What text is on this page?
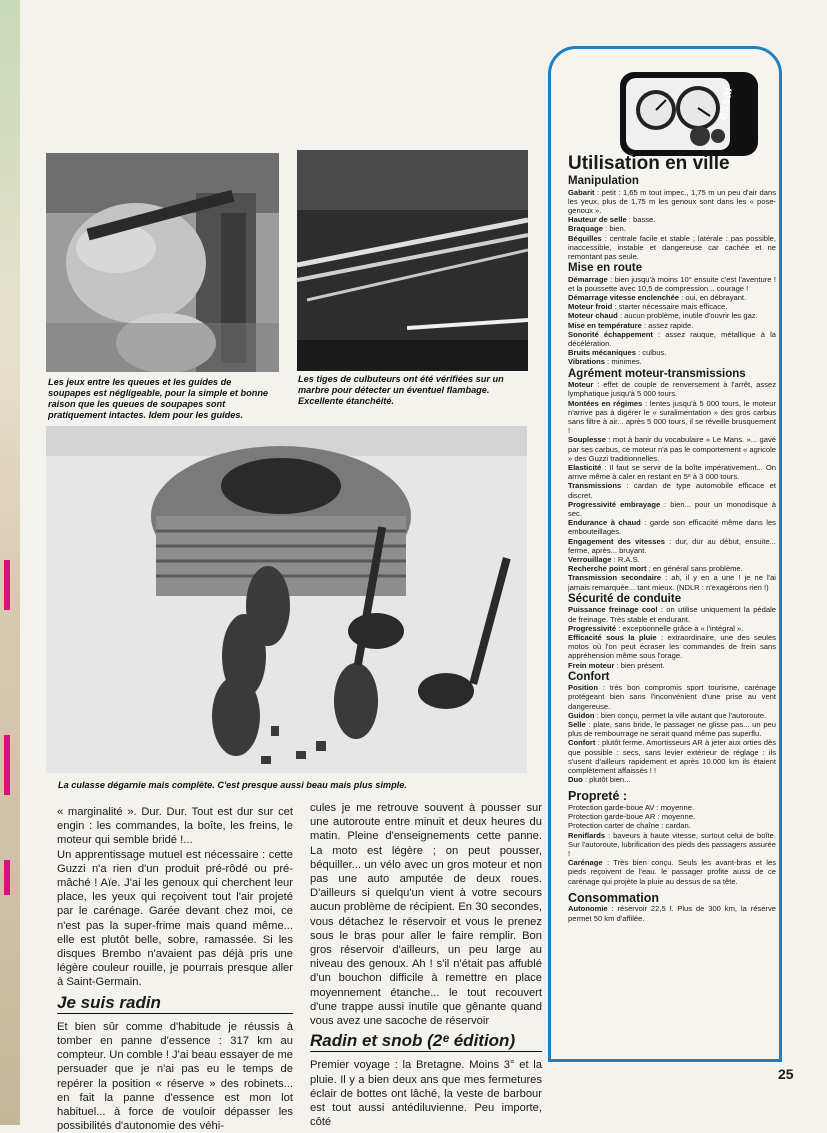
Les jeux entre les queues et les guides de soupapes est négligeable, pour la simple et bonne raison que les queues de soupapes sont pratiquement intactes. Idem pour les guides.
Les tiges de culbuteurs ont été vérifiées sur un marbre pour détecter un éventuel flambage. Excellente étanchéité.
La culasse dégarnie mais complète. C'est presque aussi beau mais plus simple.

« marginalité ». Dur. Dur. Tout est dur sur cet engin : les commandes, la boîte, les freins, le moteur qui semble bridé !...

Un apprentissage mutuel est nécessaire : cette Guzzi n'a rien d'un produit pré-rôdé ou pré-mâché ! Aïe. J'ai les genoux qui cherchent leur place, les yeux qui reçoivent tout l'air projeté par le carénage. Garée devant chez moi, ce n'est pas la super-frime mais quand même... elle est plutôt belle, sobre, ramassée. Si les disques Brembo n'avaient pas déjà pris une légère couleur rouille, je pourrais presque aller à Saint-Germain.

Je suis radin

Et bien sûr comme d'habitude je réussis à tomber en panne d'essence : 317 km au compteur. Un comble ! J'ai beau essayer de me persuader que je n'ai pas eu le temps de repérer la position « réserve » des robinets... en fait la panne d'essence est mon lot habituel... à force de vouloir dépasser les possibilités d'autonomie des véhi-

cules je me retrouve souvent à pousser sur une autoroute entre minuit et deux heures du matin. Pleine d'enseignements cette panne. La moto est légère ; on peut pousser, béquiller... un vélo avec un gros moteur et non pas une auto amputée de deux roues. D'ailleurs si quelqu'un vient à votre secours aucun problème de récipient. En 30 secondes, vous détachez le réservoir et vous le prenez sous le bras pour aller le faire remplir. Bon gros réservoir d'ailleurs, un peu large au niveau des genoux. Ah ! s'il n'était pas affublé d'un bouchon difficile à remettre en place moyennement étanche... le tout recouvert d'une trappe aussi inutile que gênante quand vous avez une sacoche de réservoir

Radin et snob (2ᵉ édition)

Premier voyage : la Bretagne. Moins 3° et la pluie. Il y a bien deux ans que mes fermetures éclair de bottes ont lâché, la veste de barbour est tout aussi antédiluvienne. Peu importe, côté

essai
Utilisation en ville
Manipulation

Gabarit : petit : 1,65 m tout impec., 1,75 m un peu d'air dans les yeux, plus de 1,75 m les genoux sont dans les « pose-genoux ».

Hauteur de selle : basse.

Braquage : bien.

Béquilles : centrale facile et stable ; latérale : pas possible, inaccessible, instable et dangereuse car cachée et ne remontant pas seule.

Mise en route

Démarrage : bien jusqu'à moins 10° ensuite c'est l'aventure ! et la poussette avec 10,5 de compression... courage !

Démarrage vitesse enclenchée : oui, en débrayant.

Moteur froid : starter nécessaire mais efficace.

Moteur chaud : aucun problème, inutile d'ouvrir les gaz.

Mise en température : assez rapide.

Sonorité échappement : assez rauque, métallique à la décélération.

Bruits mécaniques : culbus.

Vibrations : minimes.

Agrément moteur-transmissions

Moteur : effet de couple de renversement à l'arrêt, assez lymphatique jusqu'à 5 000 tours.

Montées en régimes : lentes jusqu'à 5 000 tours, le moteur n'arrive pas à digérer le « suralimentation » des gros carbus sans filtre à air... après 5 000 tours, il se réveille brusquement !

Souplesse : mot à banir du vocabulaire « Le Mans. »... gavé par ses carbus, ce moteur n'a pas le comportement « agricole » des Guzzi traditionnelles.

Elasticité : Il faut se servir de la boîte impérativement... On arrive même à caler en restant en 5ᵉ à 3 000 tours.

Transmissions : cardan de type automobile efficace et discret.

Progressivité embrayage : bien... pour un monodisque à sec.

Endurance à chaud : garde son efficacité même dans les embouteillages.

Engagement des vitesses : dur, dur au début, ensuite... ferme, après... bruyant.

Verrouillage : R.A.S.

Recherche point mort : en général sans problème.

Transmission secondaire : ah, il y en a une ! je ne l'ai jamais remarquée... tant mieux. (NDLR : n'exagérons rien !)

Sécurité de conduite

Puissance freinage cool : on utilise uniquement la pédale de freinage. Très stable et endurant.

Progressivité : exceptionnelle grâce à « l'intégral ».

Efficacité sous la pluie : extraordinaire, une des seules motos où l'on peut écraser les commandes de frein sans appréhension même sous l'orage.

Frein moteur : bien présent.

Confort

Position : très bon compromis sport tourisme, carénage protégeant bien sans l'inconvénient d'une prise au vent dangereuse.

Guidon : bien conçu, permet la ville autant que l'autoroute.

Selle : plate, sans bride, le passager ne glisse pas... un peu plus de rembourrage ne serait quand même pas superflu.

Confort : plutôt ferme. Amortisseurs AR à jeter aux orties dès que possible : secs, sans levier extérieur de réglage : ils s'usent d'ailleurs rapidement et après 10.000 km ils étaient complètement affaissés ! !

Duo : plutôt bien...

Propreté :

Protection garde-boue AV : moyenne.

Protection garde-boue AR : moyenne.

Protection carter de chaîne : cardan.

Reniflards : baveurs à haute vitesse, surtout celui de boîte. Sur l'autoroute, lubrification des pieds des passagers assurée !

Carénage : Très bien conçu. Seuls les avant-bras et les pieds reçoivent de l'eau. le passager profite aussi de ce carénage qui projète la pluie au dessus de sa tête.

Consommation

Autonomie : réservoir 22,5 l. Plus de 300 km, la réserve permet 50 km d'affilée.

25
